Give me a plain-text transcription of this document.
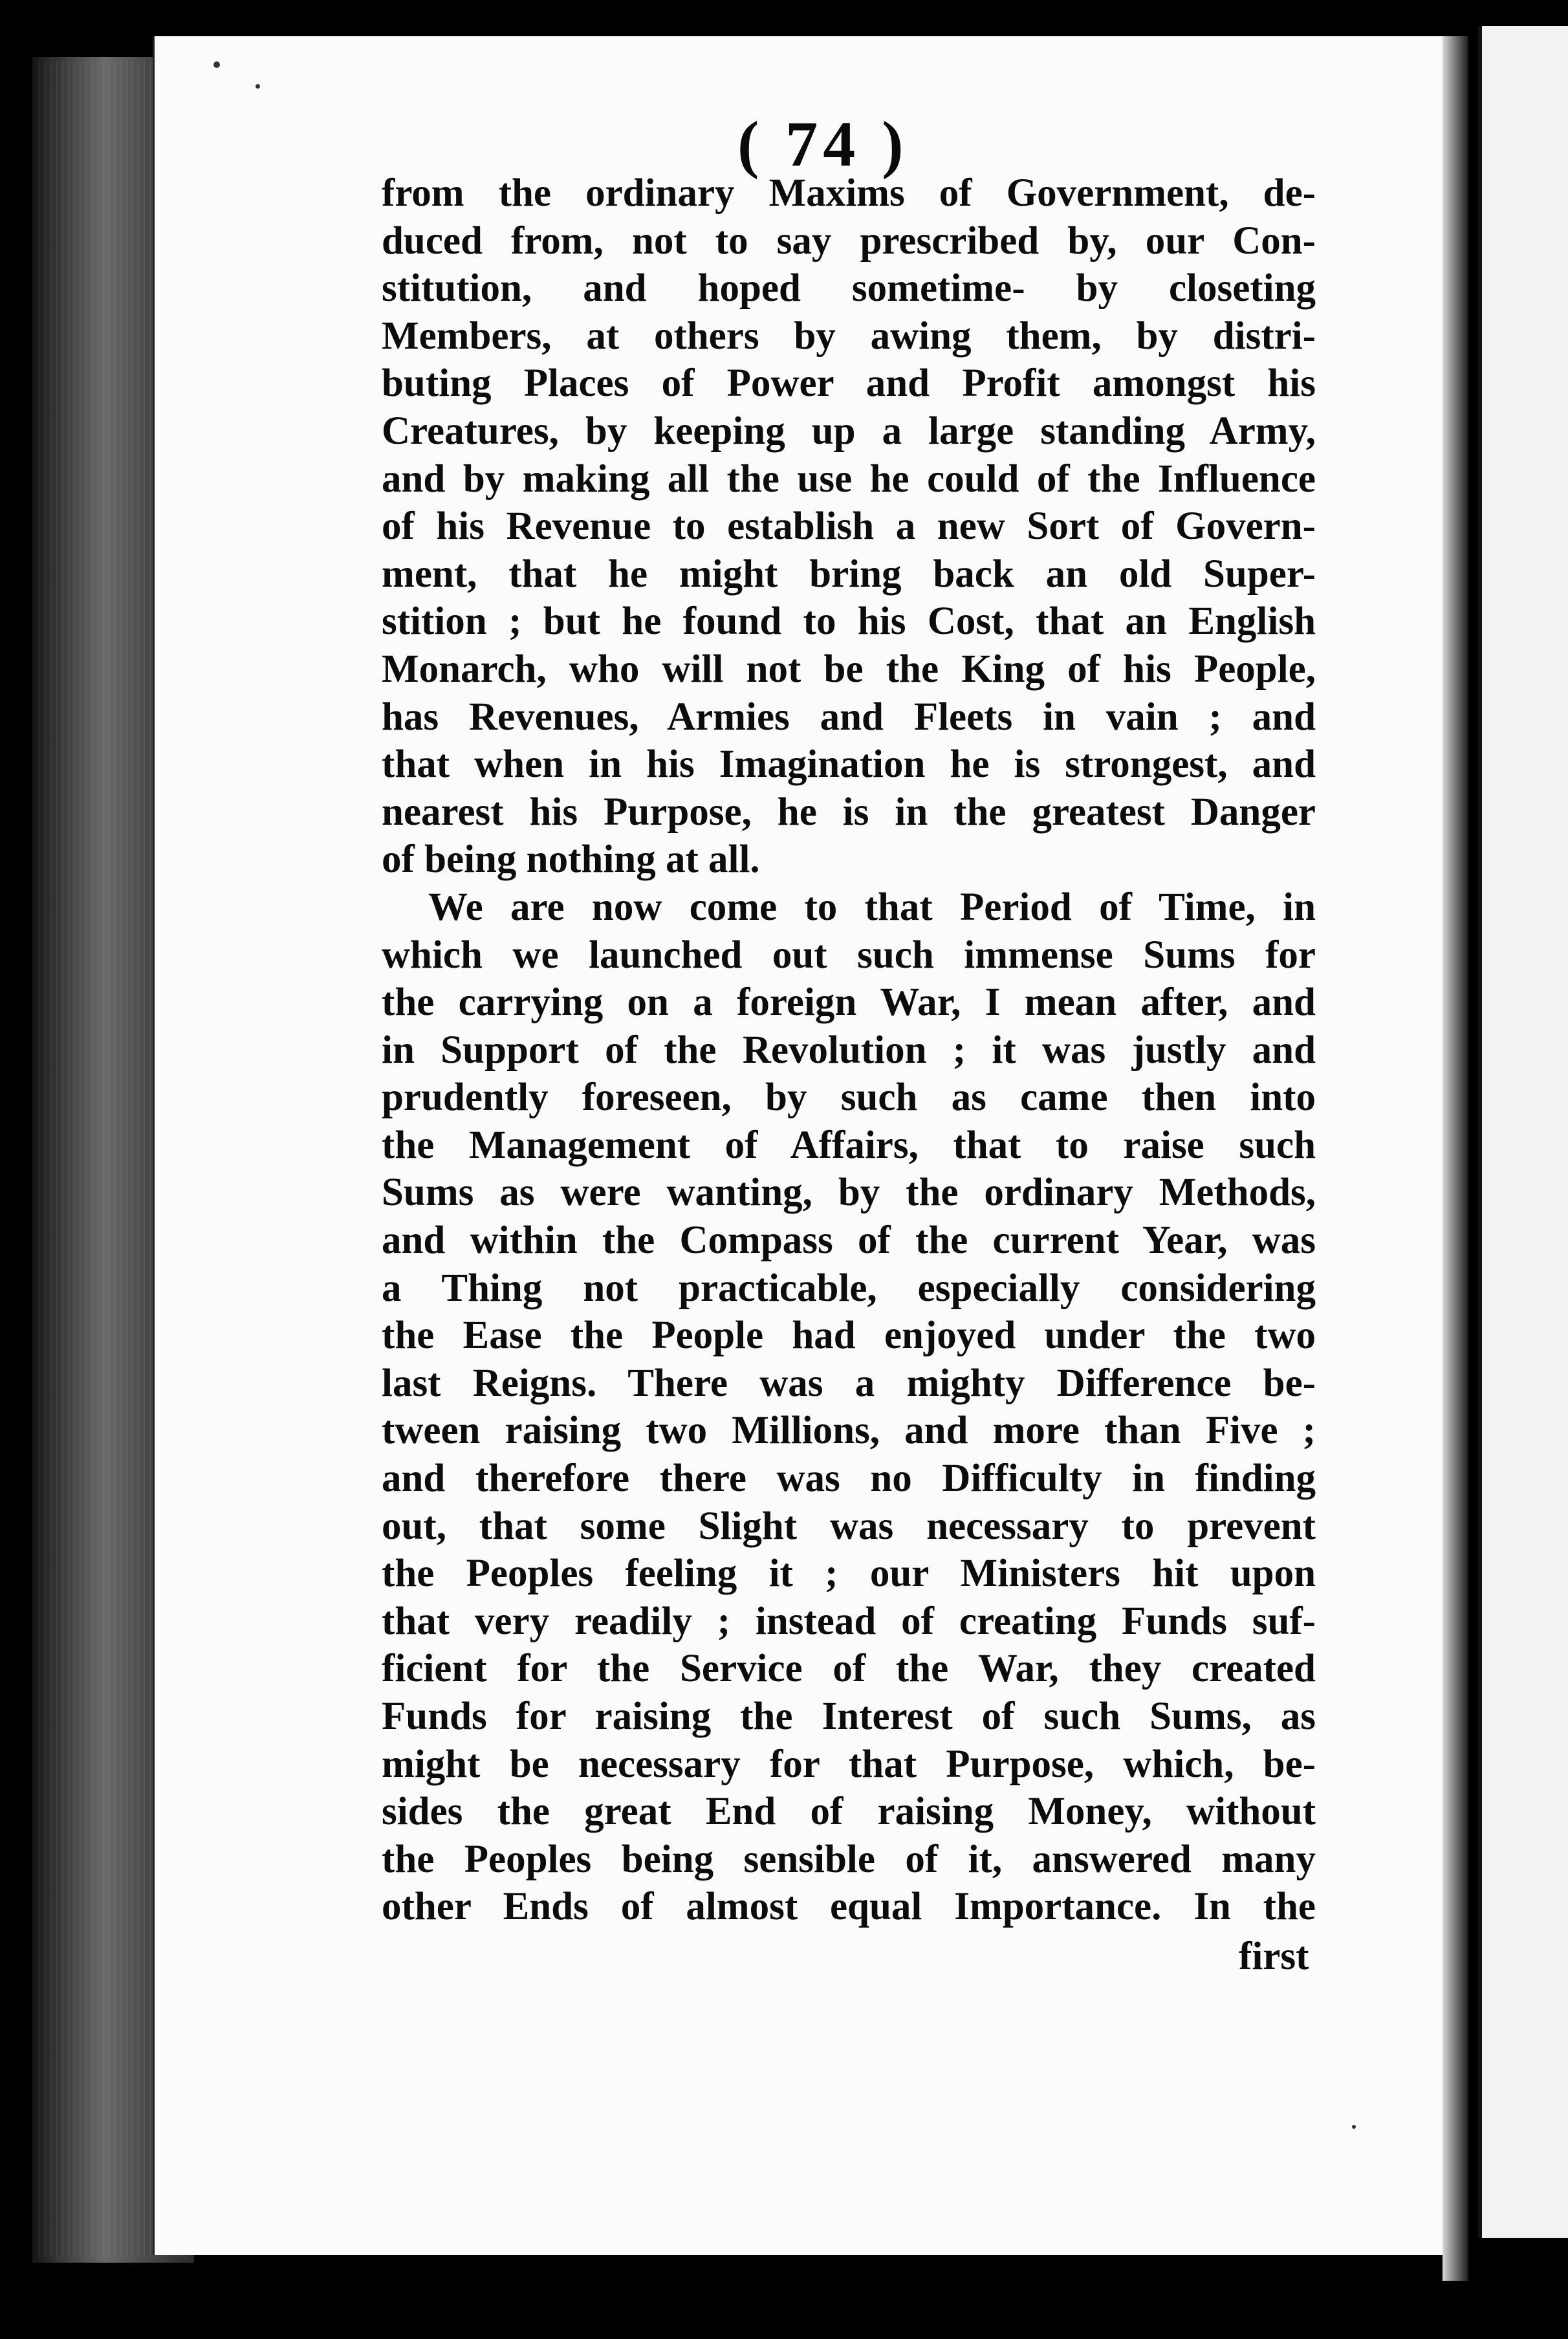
( 74 )
from the ordinary Maxims of Government, de-
duced from, not to say prescribed by, our Con-
stitution, and hoped sometime- by closeting
Members, at others by awing them, by distri-
buting Places of Power and Profit amongst his
Creatures, by keeping up a large standing Army,
and by making all the use he could of the Influence
of his Revenue to establish a new Sort of Govern-
ment, that he might bring back an old Super-
stition ; but he found to his Cost, that an English
Monarch, who will not be the King of his People,
has Revenues, Armies and Fleets in vain ; and
that when in his Imagination he is strongest, and
nearest his Purpose, he is in the greatest Danger
of being nothing at all.
We are now come to that Period of Time, in
which we launched out such immense Sums for
the carrying on a foreign War, I mean after, and
in Support of the Revolution ; it was justly and
prudently foreseen, by such as came then into
the Management of Affairs, that to raise such
Sums as were wanting, by the ordinary Methods,
and within the Compass of the current Year, was
a Thing not practicable, especially considering
the Ease the People had enjoyed under the two
last Reigns. There was a mighty Difference be-
tween raising two Millions, and more than Five ;
and therefore there was no Difficulty in finding
out, that some Slight was necessary to prevent
the Peoples feeling it ; our Ministers hit upon
that very readily ; instead of creating Funds suf-
ficient for the Service of the War, they created
Funds for raising the Interest of such Sums, as
might be necessary for that Purpose, which, be-
sides the great End of raising Money, without
the Peoples being sensible of it, answered many
other Ends of almost equal Importance. In the
first
